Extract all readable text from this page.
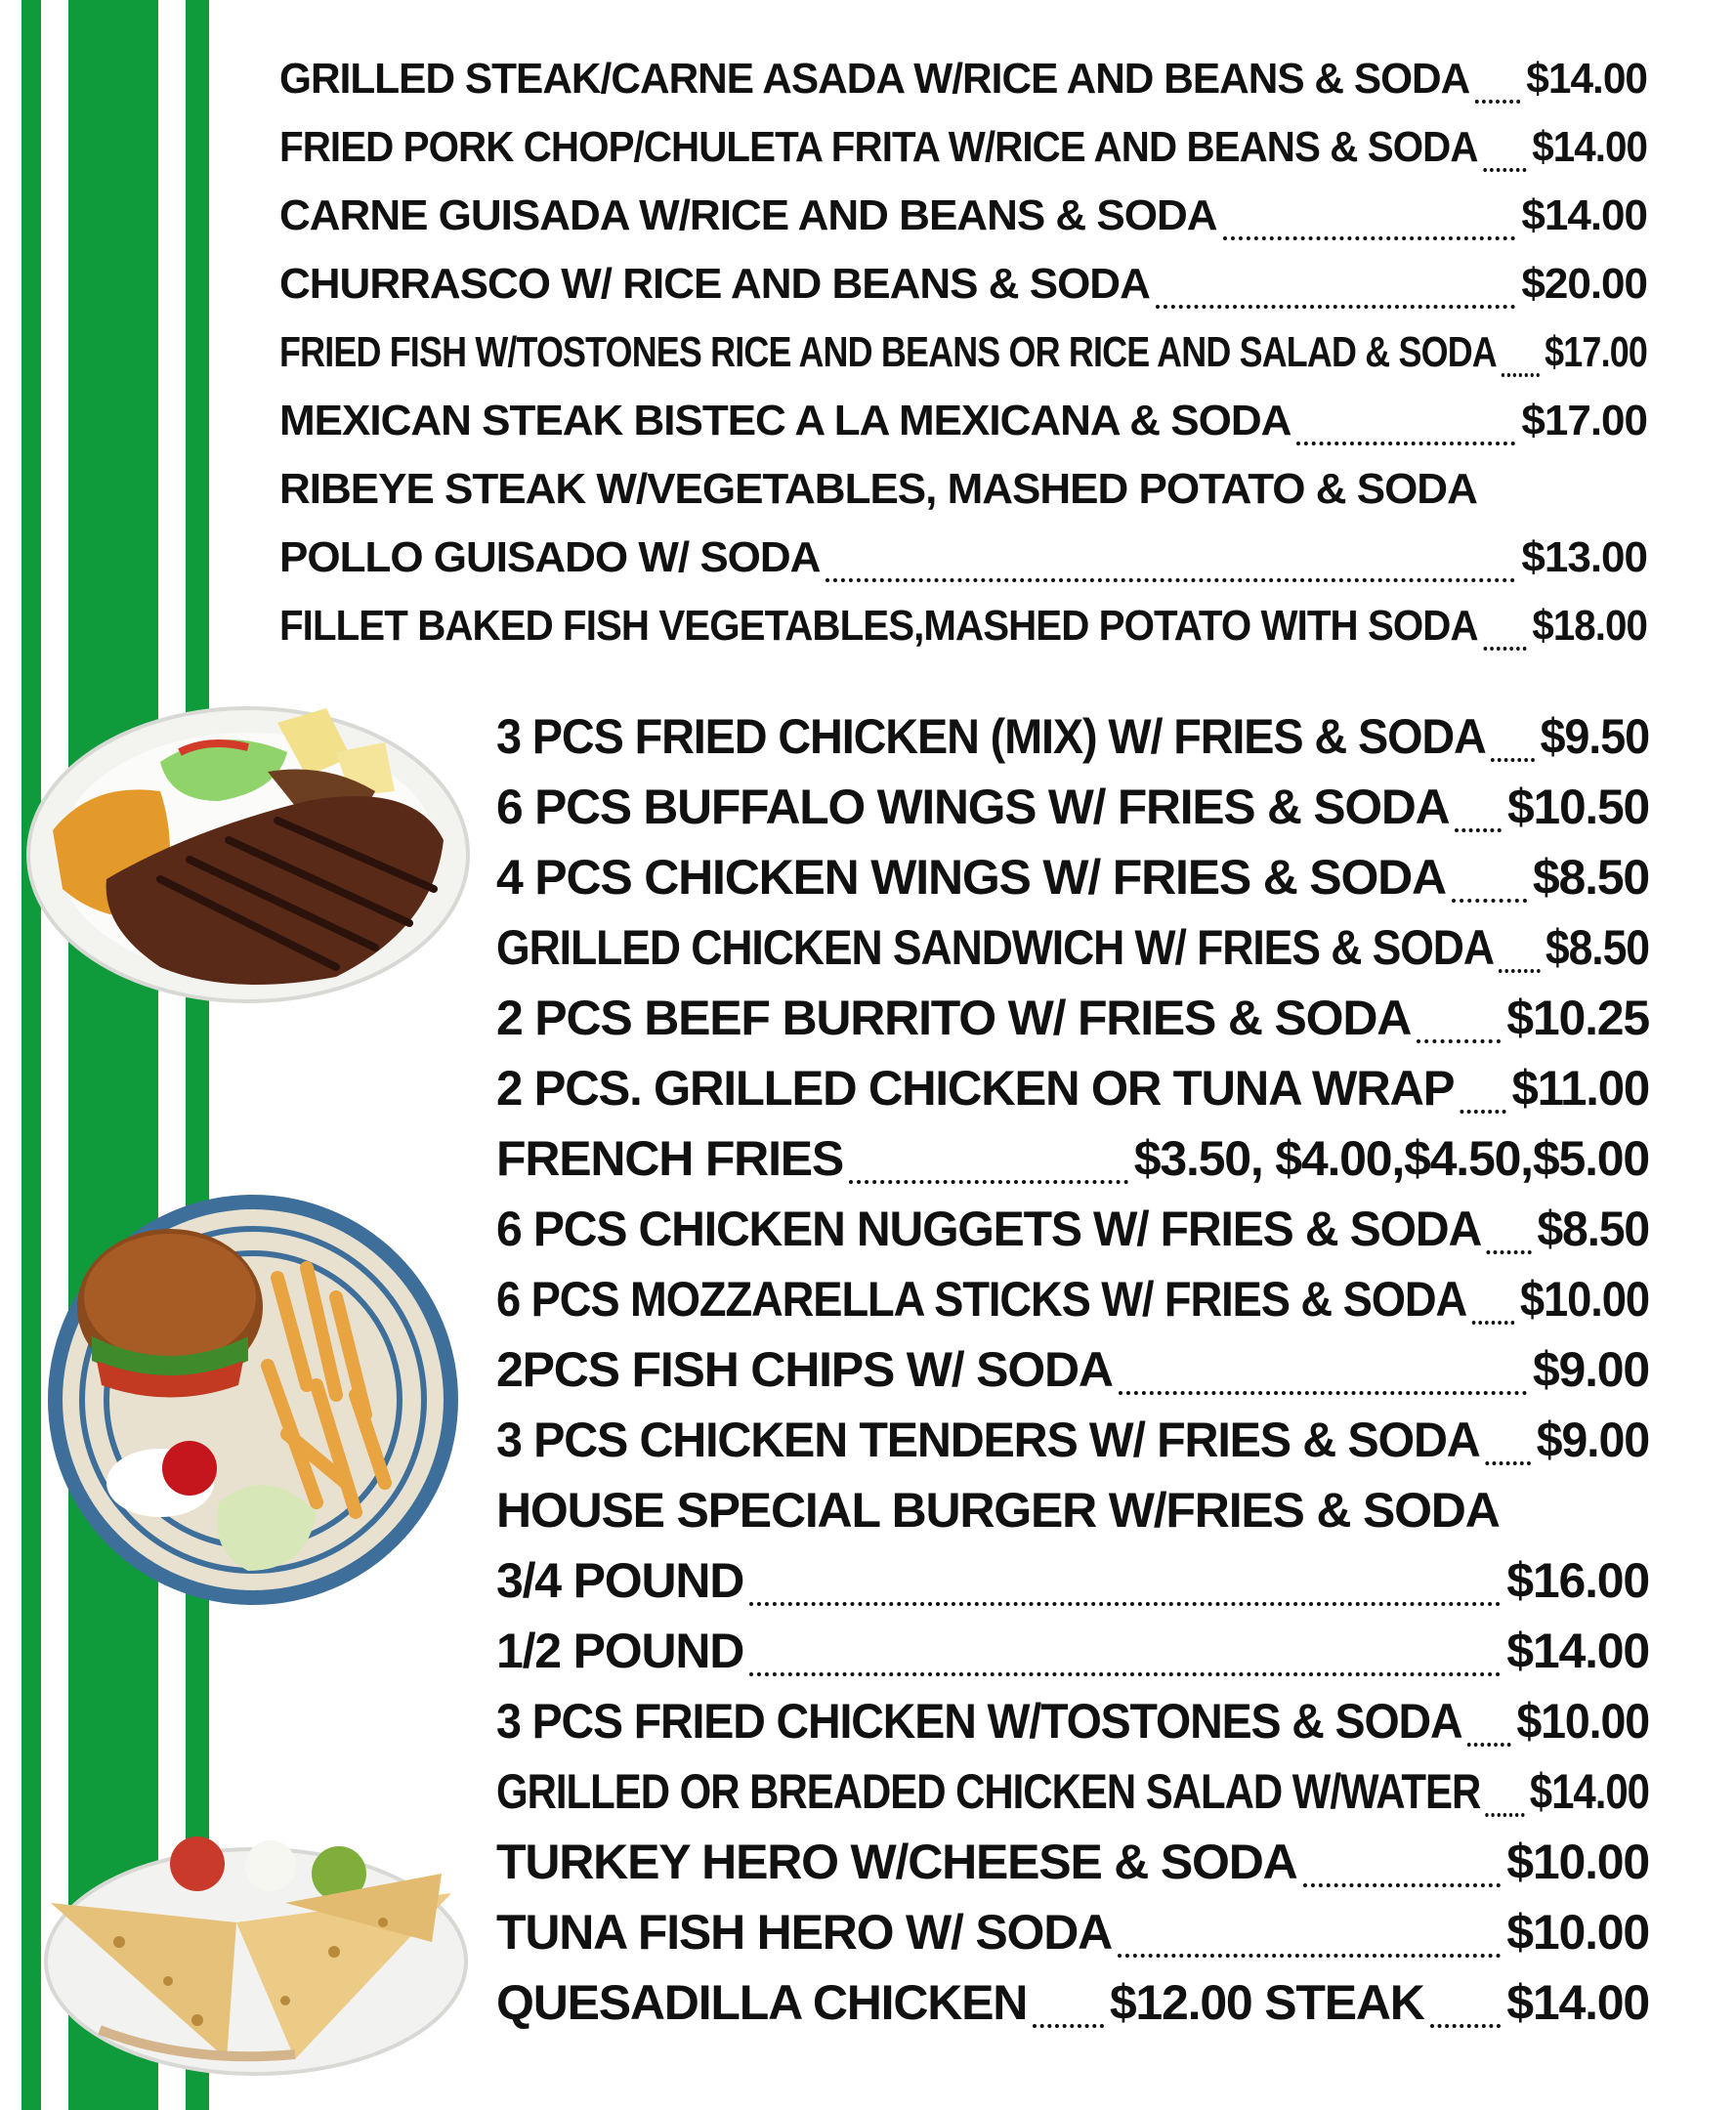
GRILLED STEAK/CARNE ASADA W/RICE AND BEANS & SODA $14.00
FRIED PORK CHOP/CHULETA FRITA W/RICE AND BEANS & SODA $14.00
CARNE GUISADA W/RICE AND BEANS & SODA	$14.00
CHURRASCO W/ RICE AND BEANS & SODA	$20.00
FRIED FISH W/TOSTONES RICE AND BEANS OR RICE AND SALAD & SODA $17.00
MEXICAN STEAK BISTEC A LA MEXICANA & SODA	$17.00
RIBEYE STEAK W/VEGETABLES, MASHED POTATO & SODA
POLLO GUISADO W/ SODA	$13.00
FILLET BAKED FISH VEGETABLES,MASHED POTATO WITH SODA $18.00
3 PCS FRIED CHICKEN (MIX) W/ FRIES & SODA $9.50
6 PCS BUFFALO WINGS W/ FRIES & SODA $10.50
4 PCS CHICKEN WINGS W/ FRIES & SODA $8.50
GRILLED CHICKEN SANDWICH W/ FRIES & SODA $8.50
2 PCS BEEF BURRITO W/ FRIES & SODA $10.25
2 PCS. GRILLED CHICKEN OR TUNA WRAP $11.00
FRENCH FRIES	$3.50, $4.00,$4.50,$5.00
6 PCS CHICKEN NUGGETS W/ FRIES & SODA $8.50
6 PCS MOZZARELLA STICKS W/ FRIES & SODA $10.00
2PCS FISH CHIPS W/ SODA	$9.00
3 PCS CHICKEN TENDERS W/ FRIES & SODA $9.00
HOUSE SPECIAL BURGER W/FRIES & SODA
3/4 POUND	$16.00
1/2 POUND	$14.00
3 PCS FRIED CHICKEN W/TOSTONES & SODA $10.00
GRILLED OR BREADED CHICKEN SALAD W/WATER $14.00
TURKEY HERO W/CHEESE & SODA	$10.00
TUNA FISH HERO W/ SODA	$10.00
QUESADILLA CHICKEN $12.00 STEAK $14.00
